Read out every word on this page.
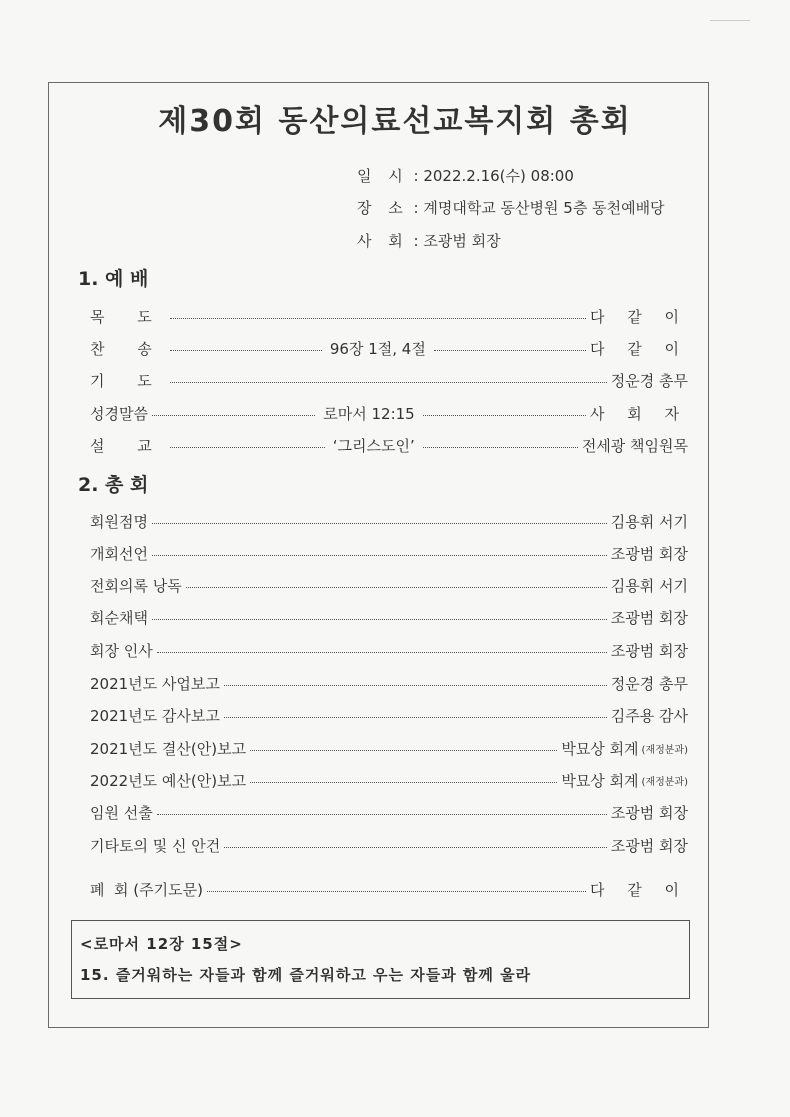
제30회 동산의료선교복지회 총회
일 시 : 2022.2.16(수) 08:00
장 소 : 계명대학교 동산병원 5층 동천예배당
사 회 : 조광범 회장
1. 예 배
목 도	다 같 이
찬 송	96장 1절, 4절	다 같 이
기 도	정운경 총무
성경말씀	로마서 12:15	사 회 자
설 교	‘그리스도인’	전세광 책임원목
2. 총 회
회원점명	김용휘 서기
개회선언	조광범 회장
전회의록 낭독	김용휘 서기
회순채택	조광범 회장
회장 인사	조광범 회장
2021년도 사업보고	정운경 총무
2021년도 감사보고	김주용 감사
2021년도 결산(안)보고	박묘상 회계 (재정분과)
2022년도 예산(안)보고	박묘상 회계 (재정분과)
임원 선출	조광범 회장
기타토의 및 신 안건	조광범 회장
폐  회 (주기도문)	다 같 이
<로마서 12장 15절>
15. 즐거워하는 자들과 함께 즐거워하고 우는 자들과 함께 울라
